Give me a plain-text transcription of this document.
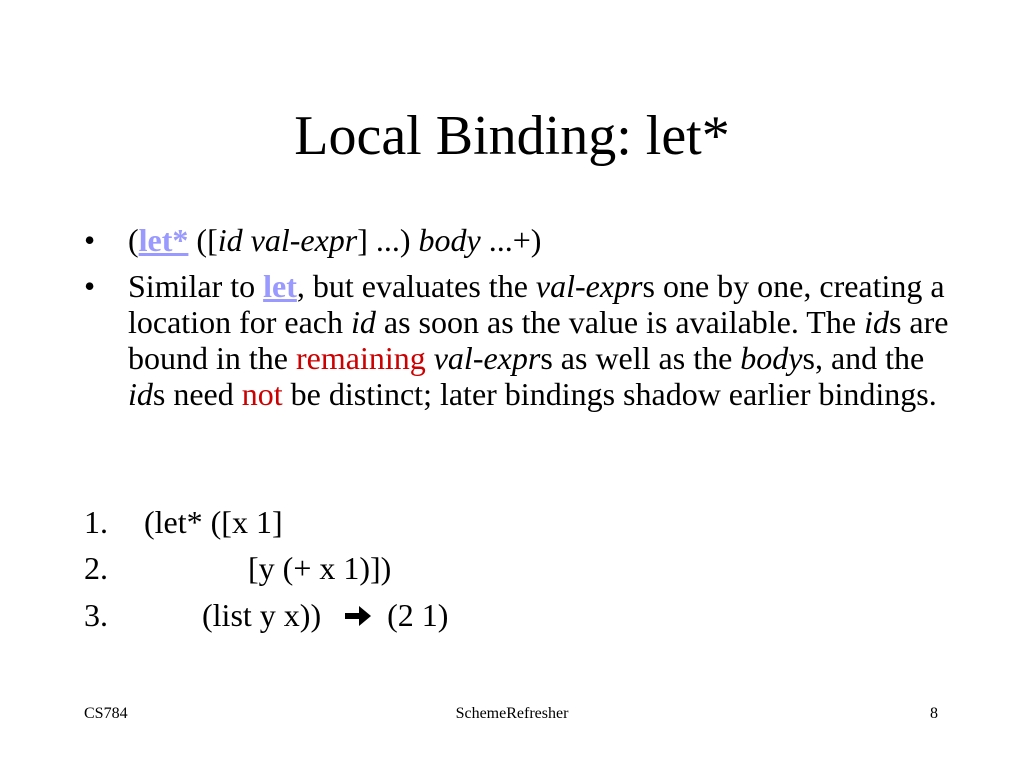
Local Binding: let*
•	(let* ([id val-expr] ...) body ...+)
•	Similar to let, but evaluates the val-exprs one by one, creating a location for each id as soon as the value is available. The ids are bound in the remaining val-exprs as well as the bodys, and the ids need not be distinct; later bindings shadow earlier bindings.
1. (let* ([x 1]
2.	[y (+ x 1)])
3.	(list y x)) (2 1)
CS784	SchemeRefresher	8
